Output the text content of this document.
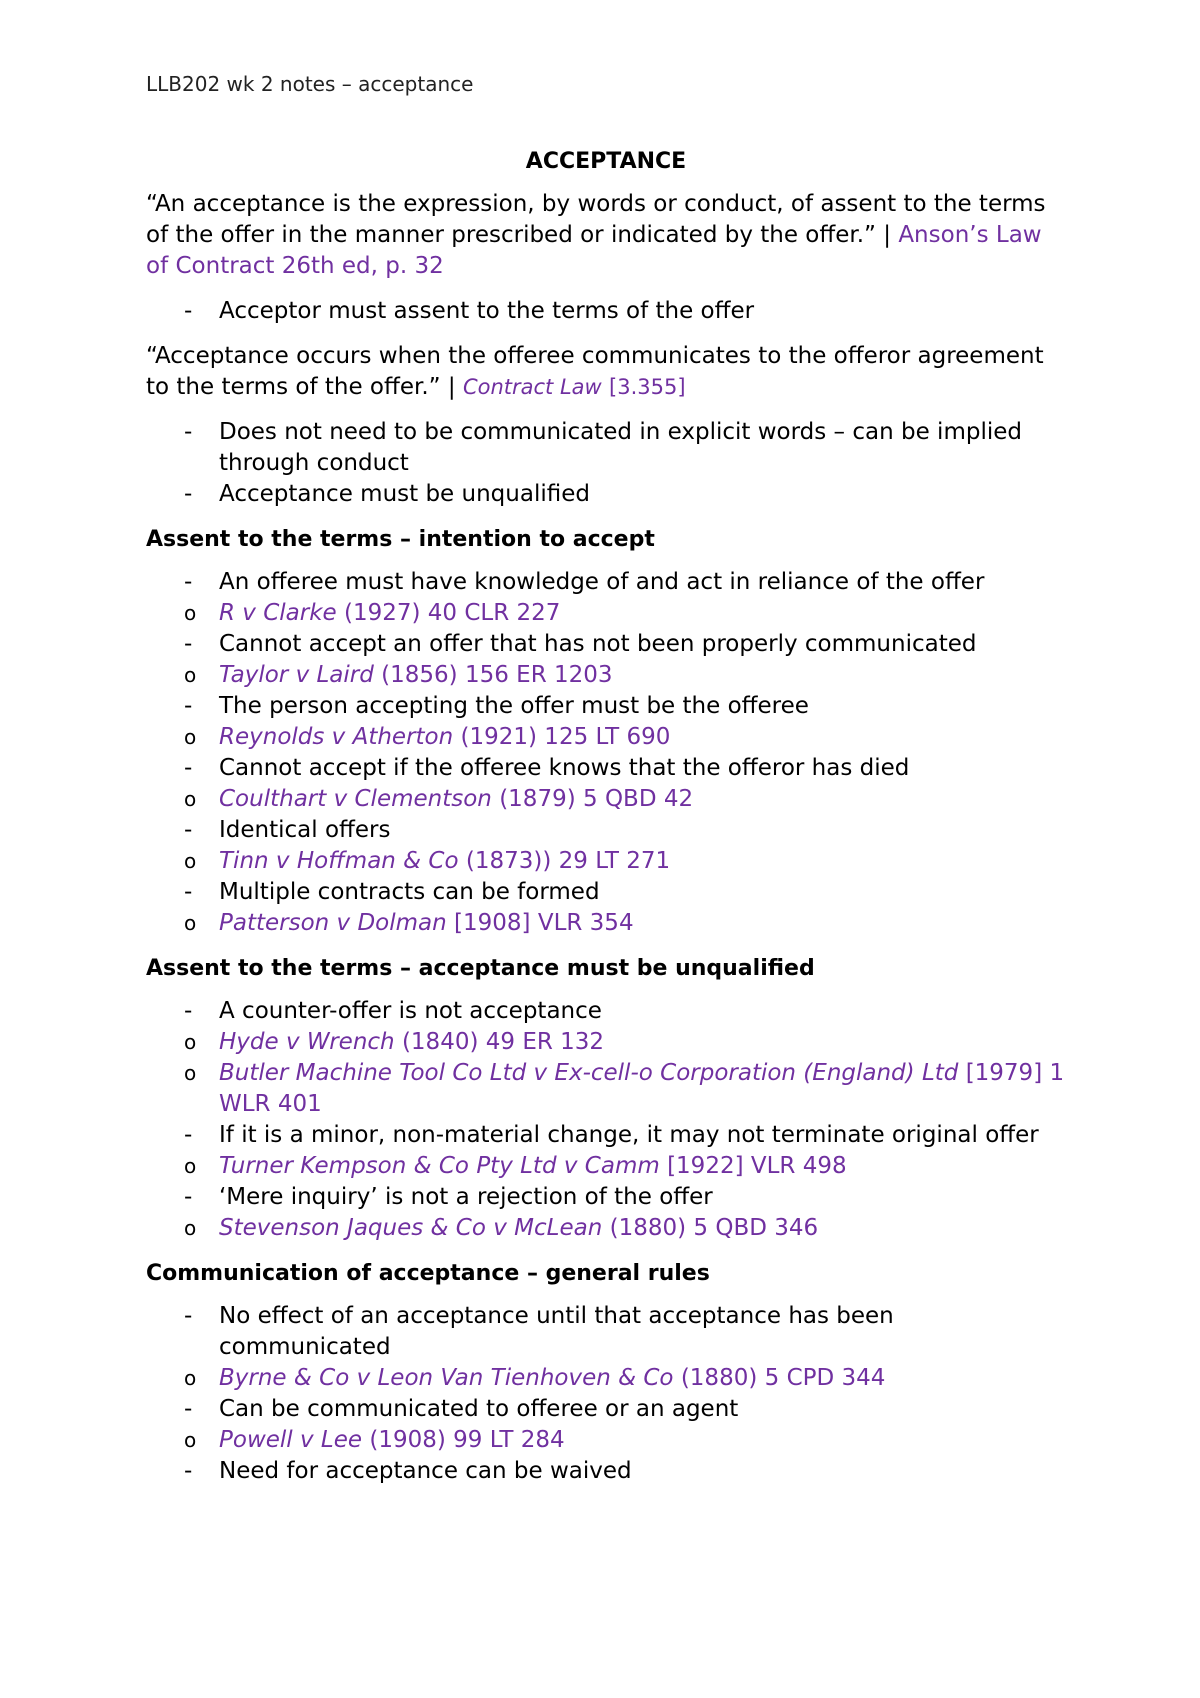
LLB202 wk 2 notes – acceptance
ACCEPTANCE

“An acceptance is the expression, by words or conduct, of assent to the terms of the offer in the manner prescribed or indicated by the offer.” | Anson’s Law of Contract 26th ed, p. 32

- Acceptor must assent to the terms of the offer

“Acceptance occurs when the offeree communicates to the offeror agreement to the terms of the offer.” | Contract Law [3.355]

- Does not need to be communicated in explicit words – can be implied through conduct
- Acceptance must be unqualified
Assent to the terms – intention to accept
- An offeree must have knowledge of and act in reliance of the offer
o R v Clarke (1927) 40 CLR 227
- Cannot accept an offer that has not been properly communicated
o Taylor v Laird (1856) 156 ER 1203
- The person accepting the offer must be the offeree
o Reynolds v Atherton (1921) 125 LT 690
- Cannot accept if the offeree knows that the offeror has died
o Coulthart v Clementson (1879) 5 QBD 42
- Identical offers
o Tinn v Hoffman & Co (1873)) 29 LT 271
- Multiple contracts can be formed
o Patterson v Dolman [1908] VLR 354
Assent to the terms – acceptance must be unqualified
- A counter-offer is not acceptance
o Hyde v Wrench (1840) 49 ER 132
o Butler Machine Tool Co Ltd v Ex-cell-o Corporation (England) Ltd [1979] 1 WLR 401
- If it is a minor, non-material change, it may not terminate original offer
o Turner Kempson & Co Pty Ltd v Camm [1922] VLR 498
- ‘Mere inquiry’ is not a rejection of the offer
o Stevenson Jaques & Co v McLean (1880) 5 QBD 346
Communication of acceptance – general rules
- No effect of an acceptance until that acceptance has been communicated
o Byrne & Co v Leon Van Tienhoven & Co (1880) 5 CPD 344
- Can be communicated to offeree or an agent
o Powell v Lee (1908) 99 LT 284
- Need for acceptance can be waived
